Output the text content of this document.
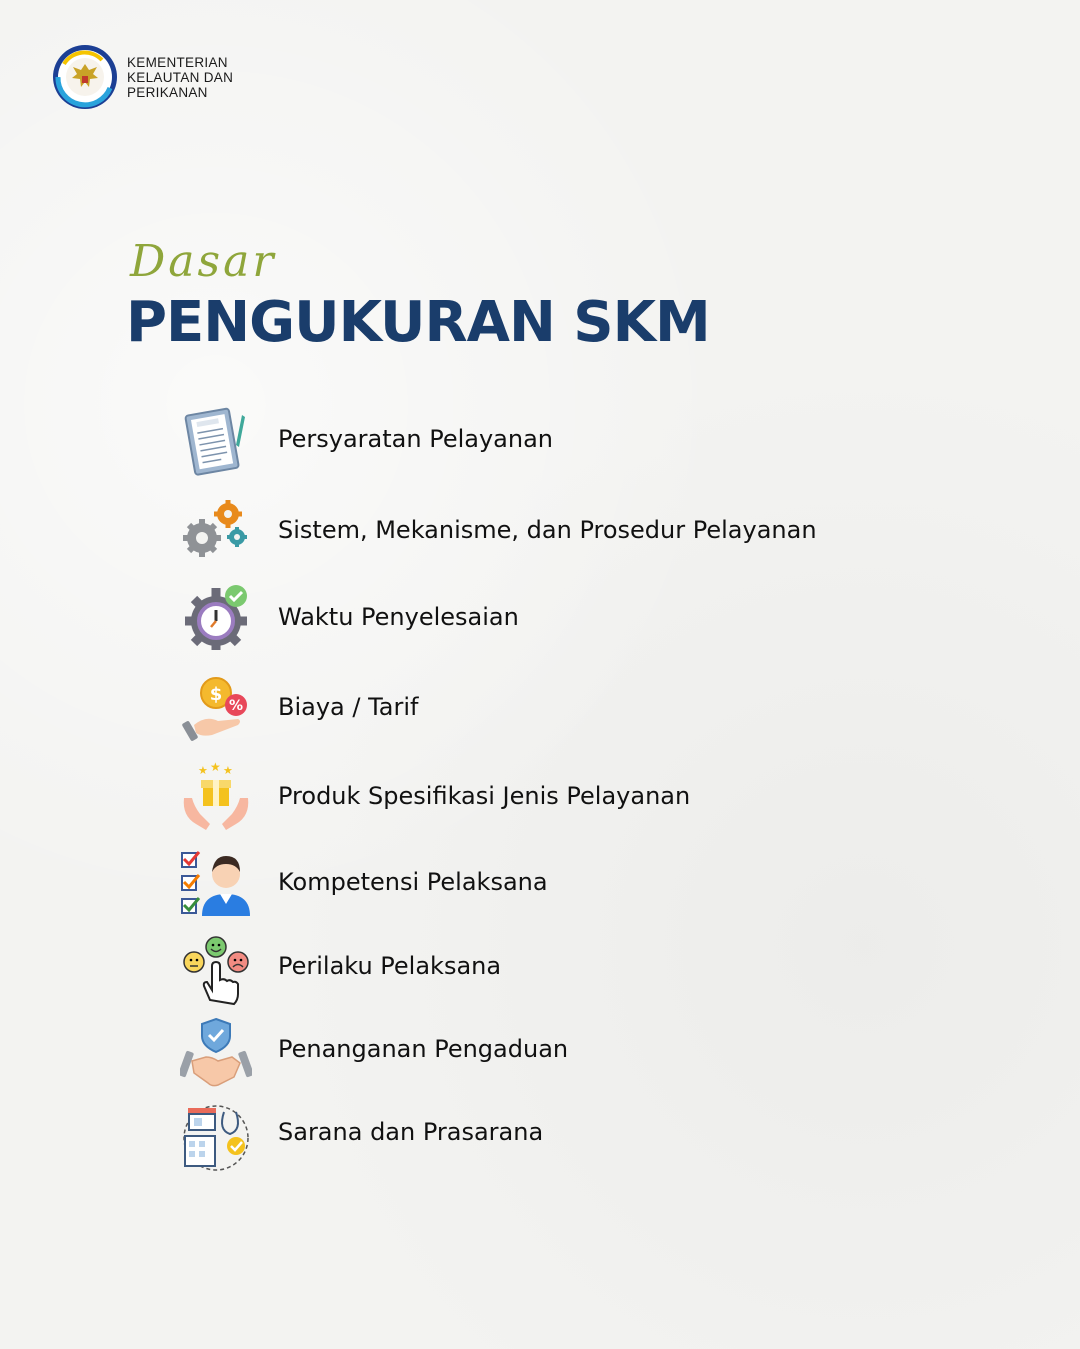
KEMENTERIAN
KELAUTAN DAN
PERIKANAN
Dasar
PENGUKURAN SKM
Persyaratan Pelayanan
Sistem, Mekanisme, dan Prosedur Pelayanan
Waktu Penyelesaian
$
% Biaya / Tarif
★ ★ ★
Produk Spesifikasi Jenis Pelayanan
Kompetensi Pelaksana
Perilaku Pelaksana
Penanganan Pengaduan
Sarana dan Prasarana
